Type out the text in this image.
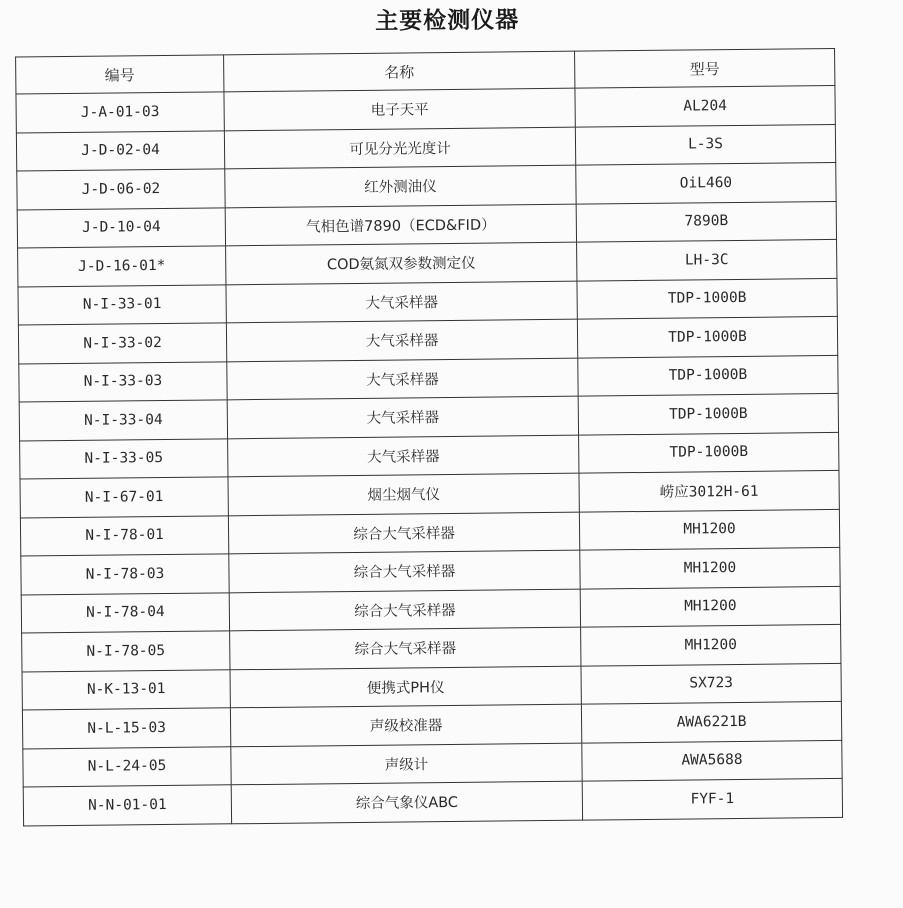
主要检测仪器
编号	名称	型号
J-A-01-03	电子天平	AL204
J-D-02-04	可见分光光度计	L-3S
J-D-06-02	红外测油仪	OiL460
J-D-10-04	气相色谱7890（ECD&FID）	7890B
J-D-16-01*	COD氨氮双参数测定仪	LH-3C
N-I-33-01	大气采样器	TDP-1000B
N-I-33-02	大气采样器	TDP-1000B
N-I-33-03	大气采样器	TDP-1000B
N-I-33-04	大气采样器	TDP-1000B
N-I-33-05	大气采样器	TDP-1000B
N-I-67-01	烟尘烟气仪	崂应3012H-61
N-I-78-01	综合大气采样器	MH1200
N-I-78-03	综合大气采样器	MH1200
N-I-78-04	综合大气采样器	MH1200
N-I-78-05	综合大气采样器	MH1200
N-K-13-01	便携式PH仪	SX723
N-L-15-03	声级校准器	AWA6221B
N-L-24-05	声级计	AWA5688
N-N-01-01	综合气象仪ABC	FYF-1
